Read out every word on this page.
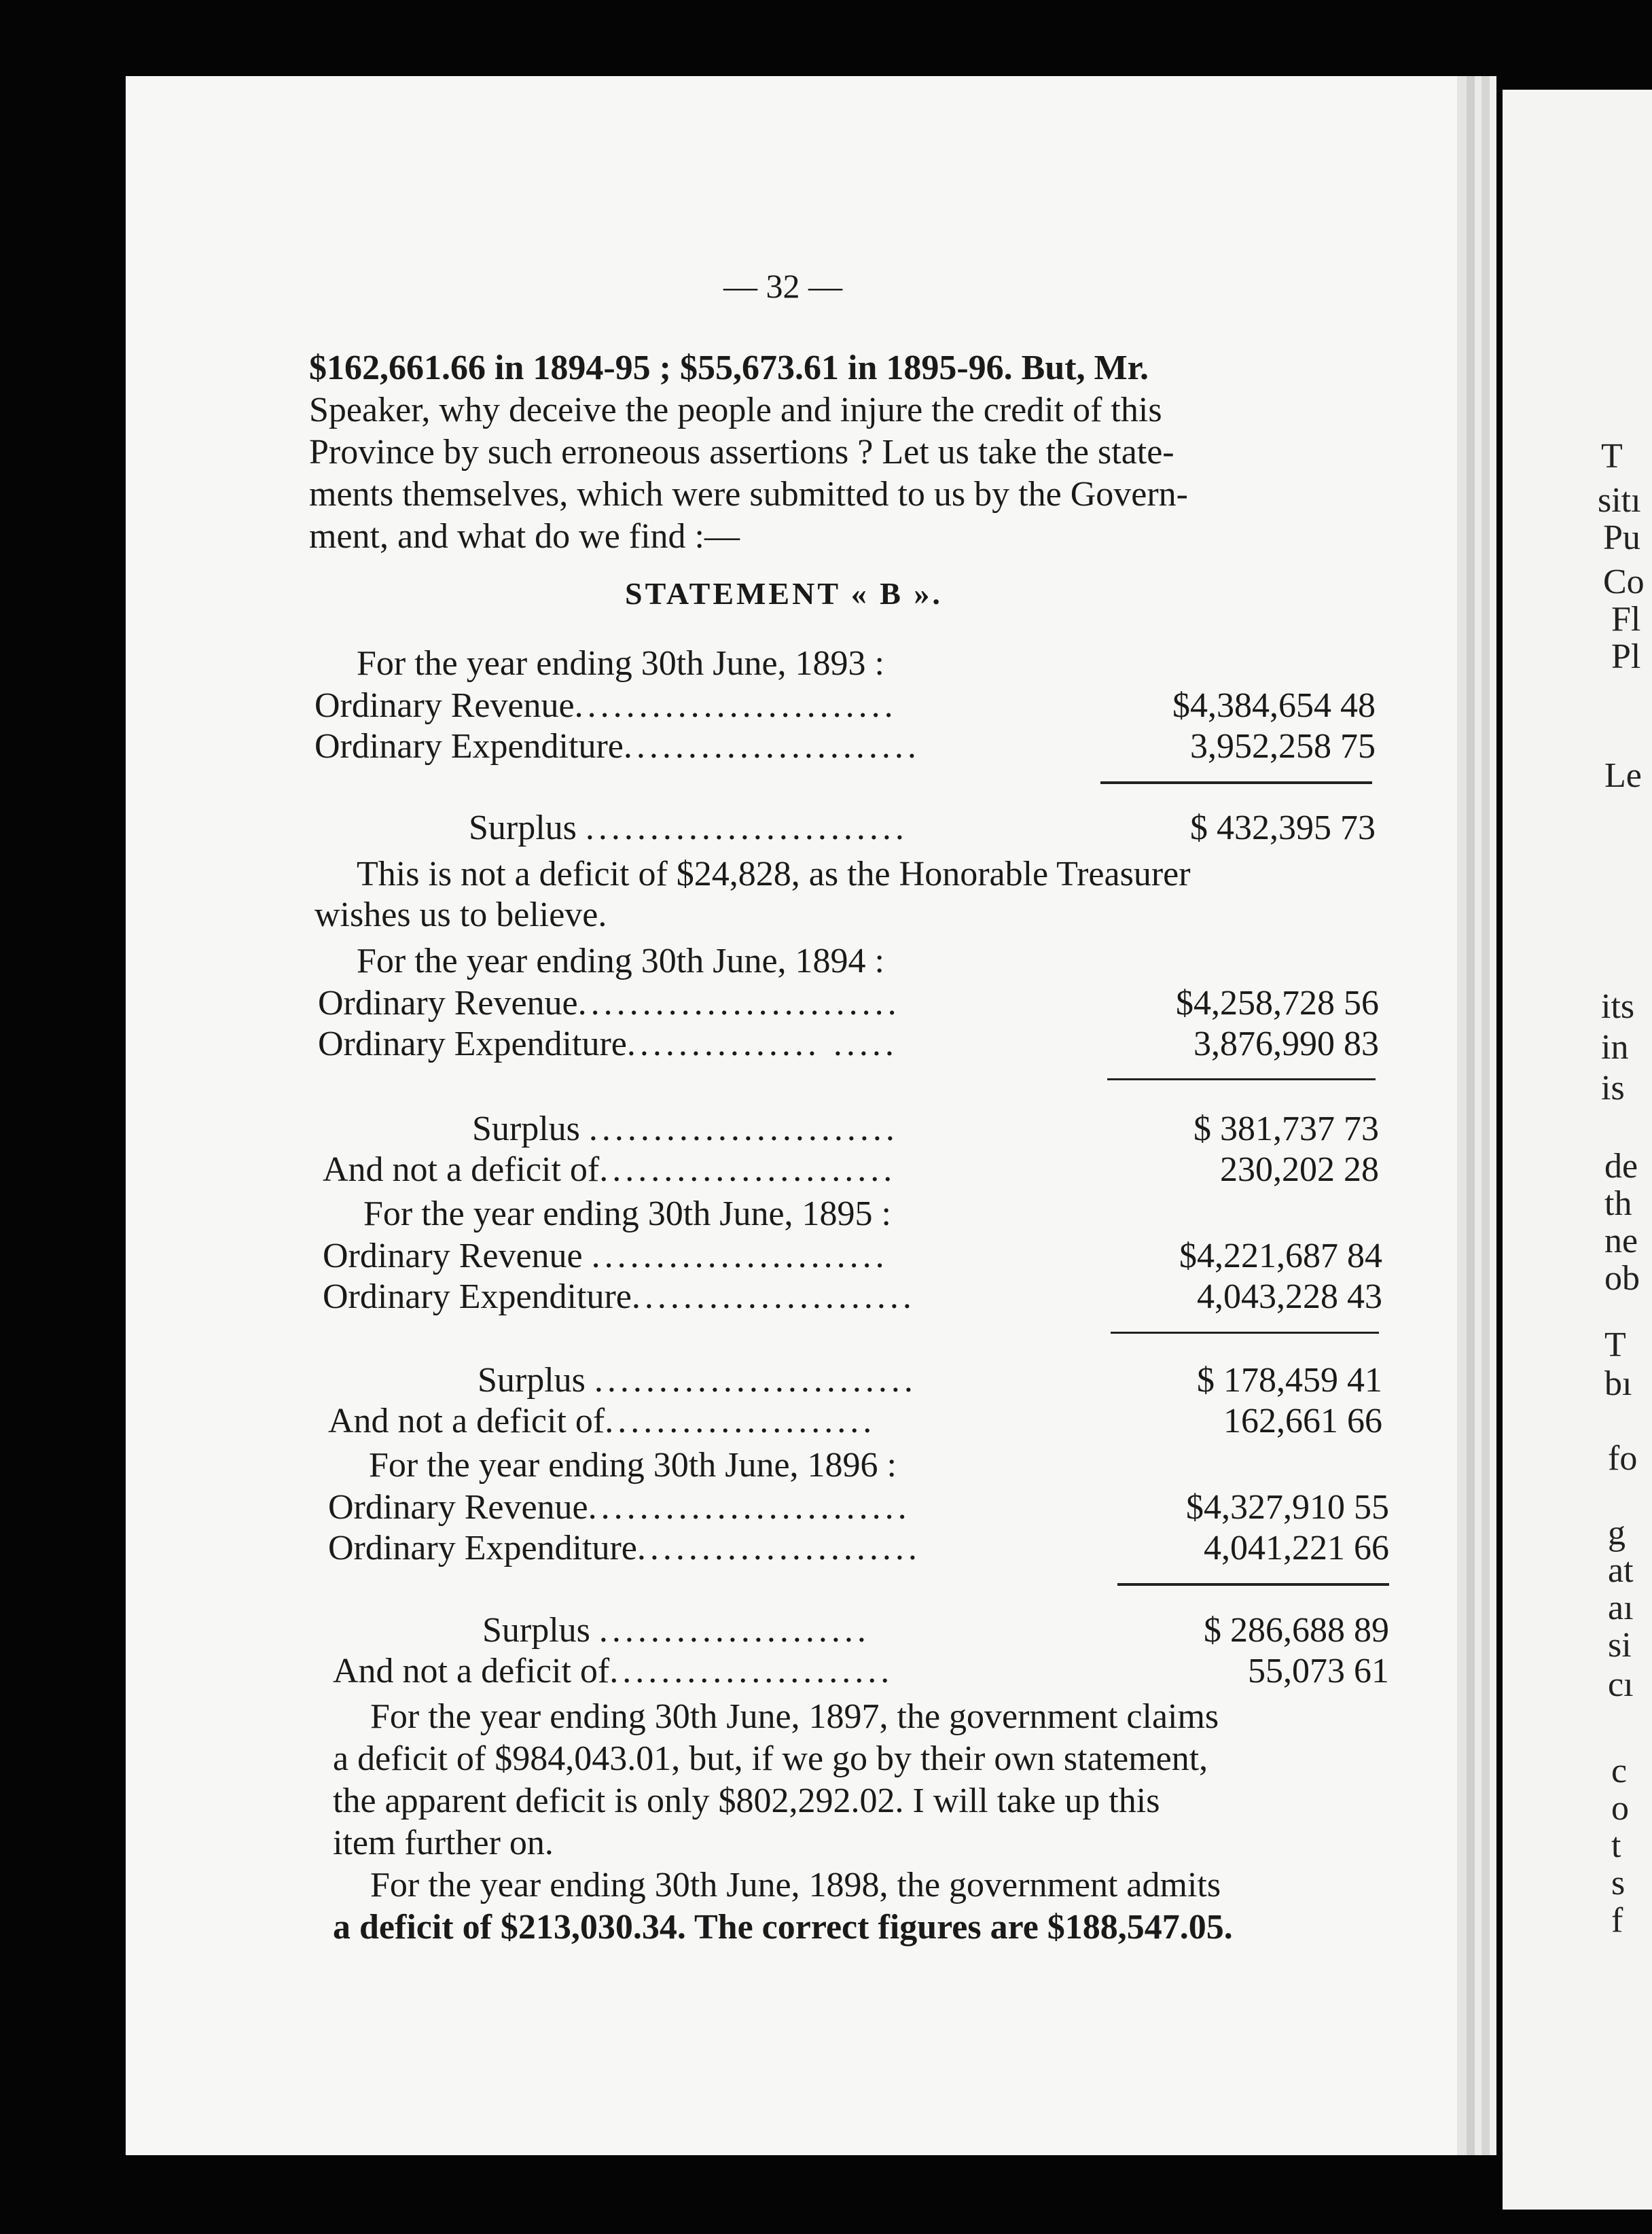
— 32 —
$162,661.66 in 1894-95 ; $55,673.61 in 1895-96. But, Mr.
Speaker, why deceive the people and injure the credit of this
Province by such erroneous assertions ? Let us take the state-
ments themselves, which were submitted to us by the Govern-
ment, and what do we find :—
STATEMENT « B ».
For the year ending 30th June, 1893 :
Ordinary Revenue.........................	$4,384,654 48
Ordinary Expenditure.......................	3,952,258 75
Surplus .........................	$ 432,395 73
This is not a deficit of $24,828, as the Honorable Treasurer
wishes us to believe.
For the year ending 30th June, 1894 :
Ordinary Revenue.........................	$4,258,728 56
Ordinary Expenditure............... .....	3,876,990 83
Surplus ........................	$ 381,737 73
And not a deficit of.......................	230,202 28
For the year ending 30th June, 1895 :
Ordinary Revenue .......................	$4,221,687 84
Ordinary Expenditure......................	4,043,228 43
Surplus .........................	$ 178,459 41
And not a deficit of.....................	162,661 66
For the year ending 30th June, 1896 :
Ordinary Revenue.........................	$4,327,910 55
Ordinary Expenditure......................	4,041,221 66
Surplus .....................	$ 286,688 89
And not a deficit of......................	55,073 61
For the year ending 30th June, 1897, the government claims
a deficit of $984,043.01, but, if we go by their own statement,
the apparent deficit is only $802,292.02. I will take up this
item further on.
For the year ending 30th June, 1898, the government admits
a deficit of $213,030.34. The correct figures are $188,547.05.
T
sitı
Pu
Co
Fl
Pl
Le
its
in
is
de
th
ne
ob
T
bı
fo
g
at
aı
si
cı
c
o
t
s
f
